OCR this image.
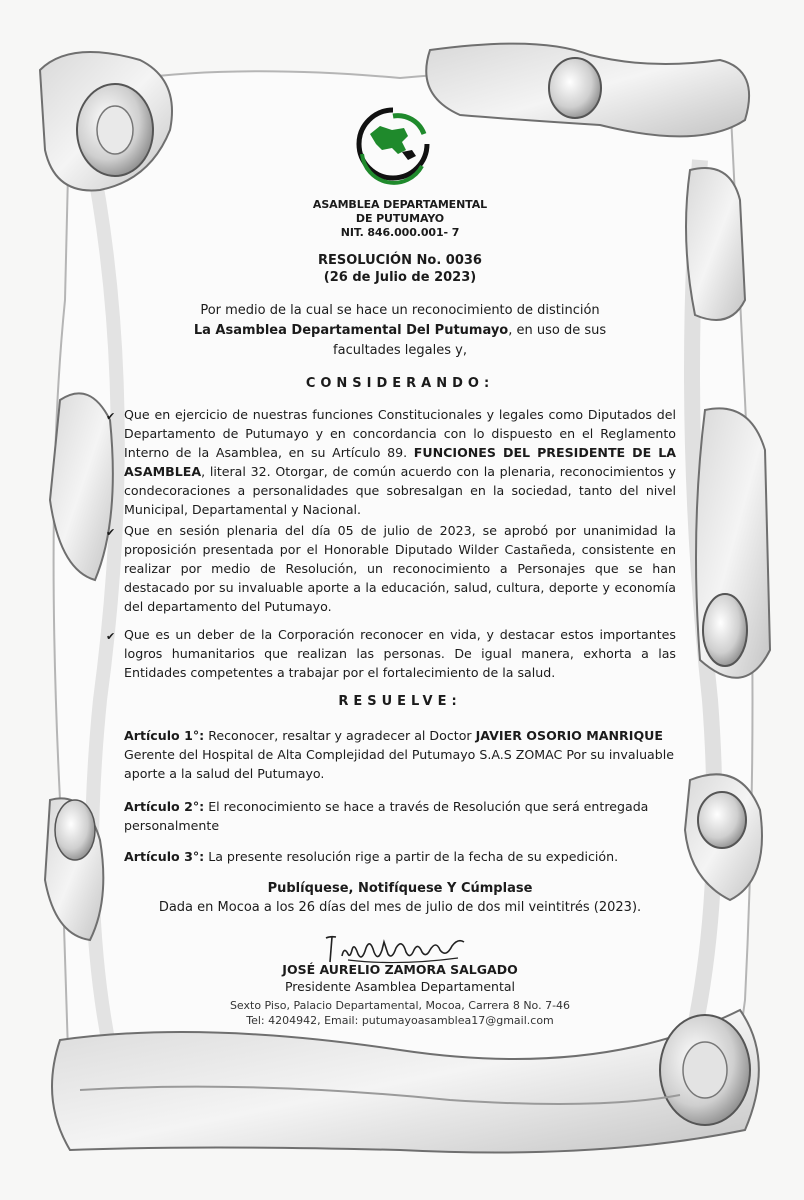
ASAMBLEA DEPARTAMENTAL
DE PUTUMAYO
NIT. 846.000.001- 7
RESOLUCIÓN No. 0036
(26 de Julio de 2023)
Por medio de la cual se hace un reconocimiento de distinción
La Asamblea Departamental Del Putumayo, en uso de sus
facultades legales y,
CONSIDERANDO:
✔ Que en ejercicio de nuestras funciones Constitucionales y legales como Diputados del Departamento de Putumayo y en concordancia con lo dispuesto en el Reglamento Interno de la Asamblea, en su Artículo 89. FUNCIONES DEL PRESIDENTE DE LA ASAMBLEA, literal 32. Otorgar, de común acuerdo con la plenaria, reconocimientos y condecoraciones a personalidades que sobresalgan en la sociedad, tanto del nivel Municipal, Departamental y Nacional.
✔ Que en sesión plenaria del día 05 de julio de 2023, se aprobó por unanimidad la proposición presentada por el Honorable Diputado Wilder Castañeda, consistente en realizar por medio de Resolución, un reconocimiento a Personajes que se han destacado por su invaluable aporte a la educación, salud, cultura, deporte y economía del departamento del Putumayo.
✔ Que es un deber de la Corporación reconocer en vida, y destacar estos importantes logros humanitarios que realizan las personas. De igual manera, exhorta a las Entidades competentes a trabajar por el fortalecimiento de la salud.
RESUELVE:
Artículo 1°: Reconocer, resaltar y agradecer al Doctor JAVIER OSORIO MANRIQUE Gerente del Hospital de Alta Complejidad del Putumayo S.A.S ZOMAC Por su invaluable aporte a la salud del Putumayo.
Artículo 2°: El reconocimiento se hace a través de Resolución que será entregada personalmente
Artículo 3°: La presente resolución rige a partir de la fecha de su expedición.
Publíquese, Notifíquese Y Cúmplase
Dada en Mocoa a los 26 días del mes de julio de dos mil veintitrés (2023).
JOSÉ AURELIO ZAMORA SALGADO
Presidente Asamblea Departamental
Sexto Piso, Palacio Departamental, Mocoa, Carrera 8 No. 7-46
Tel: 4204942, Email: putumayoasamblea17@gmail.com
